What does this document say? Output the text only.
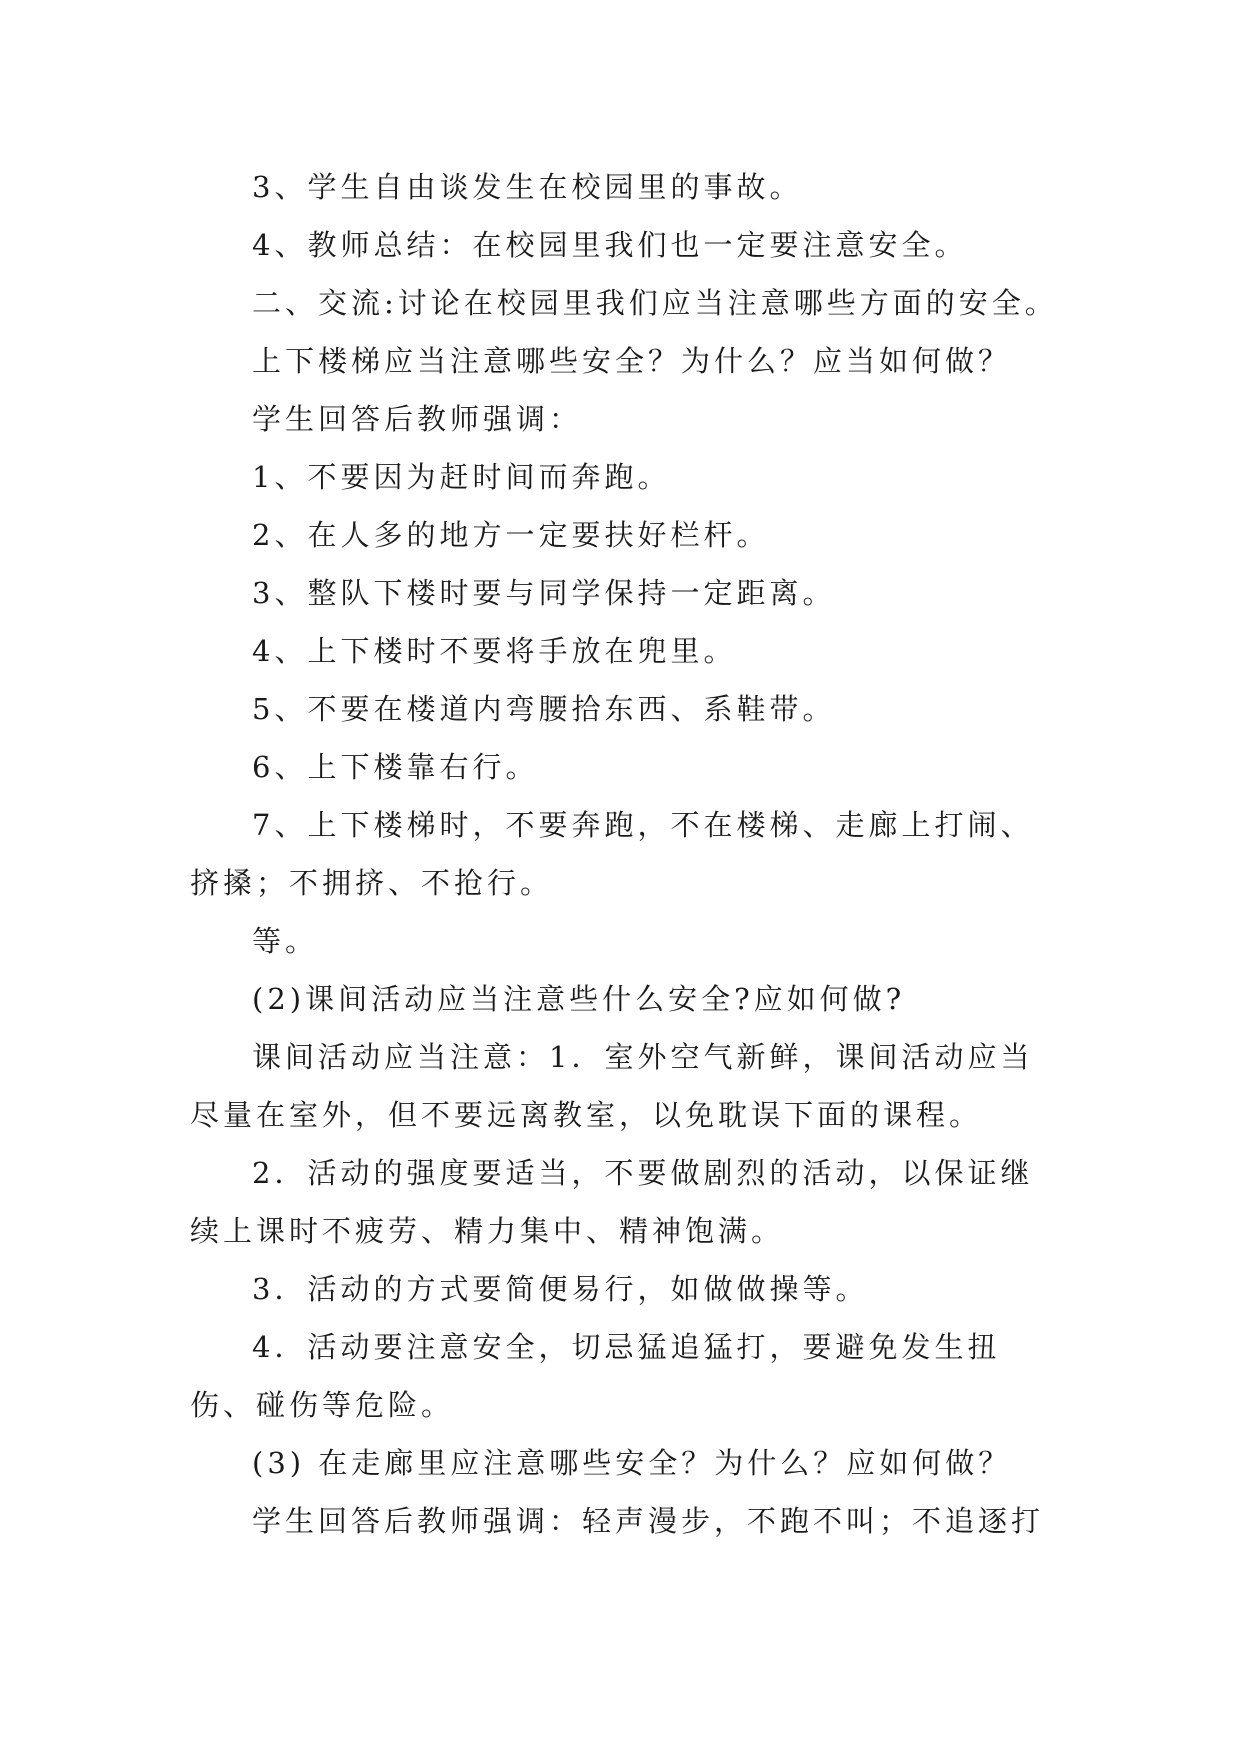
3、学生自由谈发生在校园里的事故。

4、教师总结：在校园里我们也一定要注意安全。

二、交流:讨论在校园里我们应当注意哪些方面的安全。

上下楼梯应当注意哪些安全？为什么？应当如何做？

学生回答后教师强调：

1、不要因为赶时间而奔跑。

2、在人多的地方一定要扶好栏杆。

3、整队下楼时要与同学保持一定距离。

4、上下楼时不要将手放在兜里。

5、不要在楼道内弯腰拾东西、系鞋带。

6、上下楼靠右行。

7、上下楼梯时，不要奔跑，不在楼梯、走廊上打闹、挤搡；不拥挤、不抢行。

等。

(2)课间活动应当注意些什么安全?应如何做?

课间活动应当注意：1．室外空气新鲜，课间活动应当尽量在室外，但不要远离教室，以免耽误下面的课程。

2．活动的强度要适当，不要做剧烈的活动，以保证继续上课时不疲劳、精力集中、精神饱满。

3．活动的方式要简便易行，如做做操等。

4．活动要注意安全，切忌猛追猛打，要避免发生扭伤、碰伤等危险。

(3) 在走廊里应注意哪些安全？为什么？应如何做？

学生回答后教师强调：轻声漫步，不跑不叫；不追逐打
